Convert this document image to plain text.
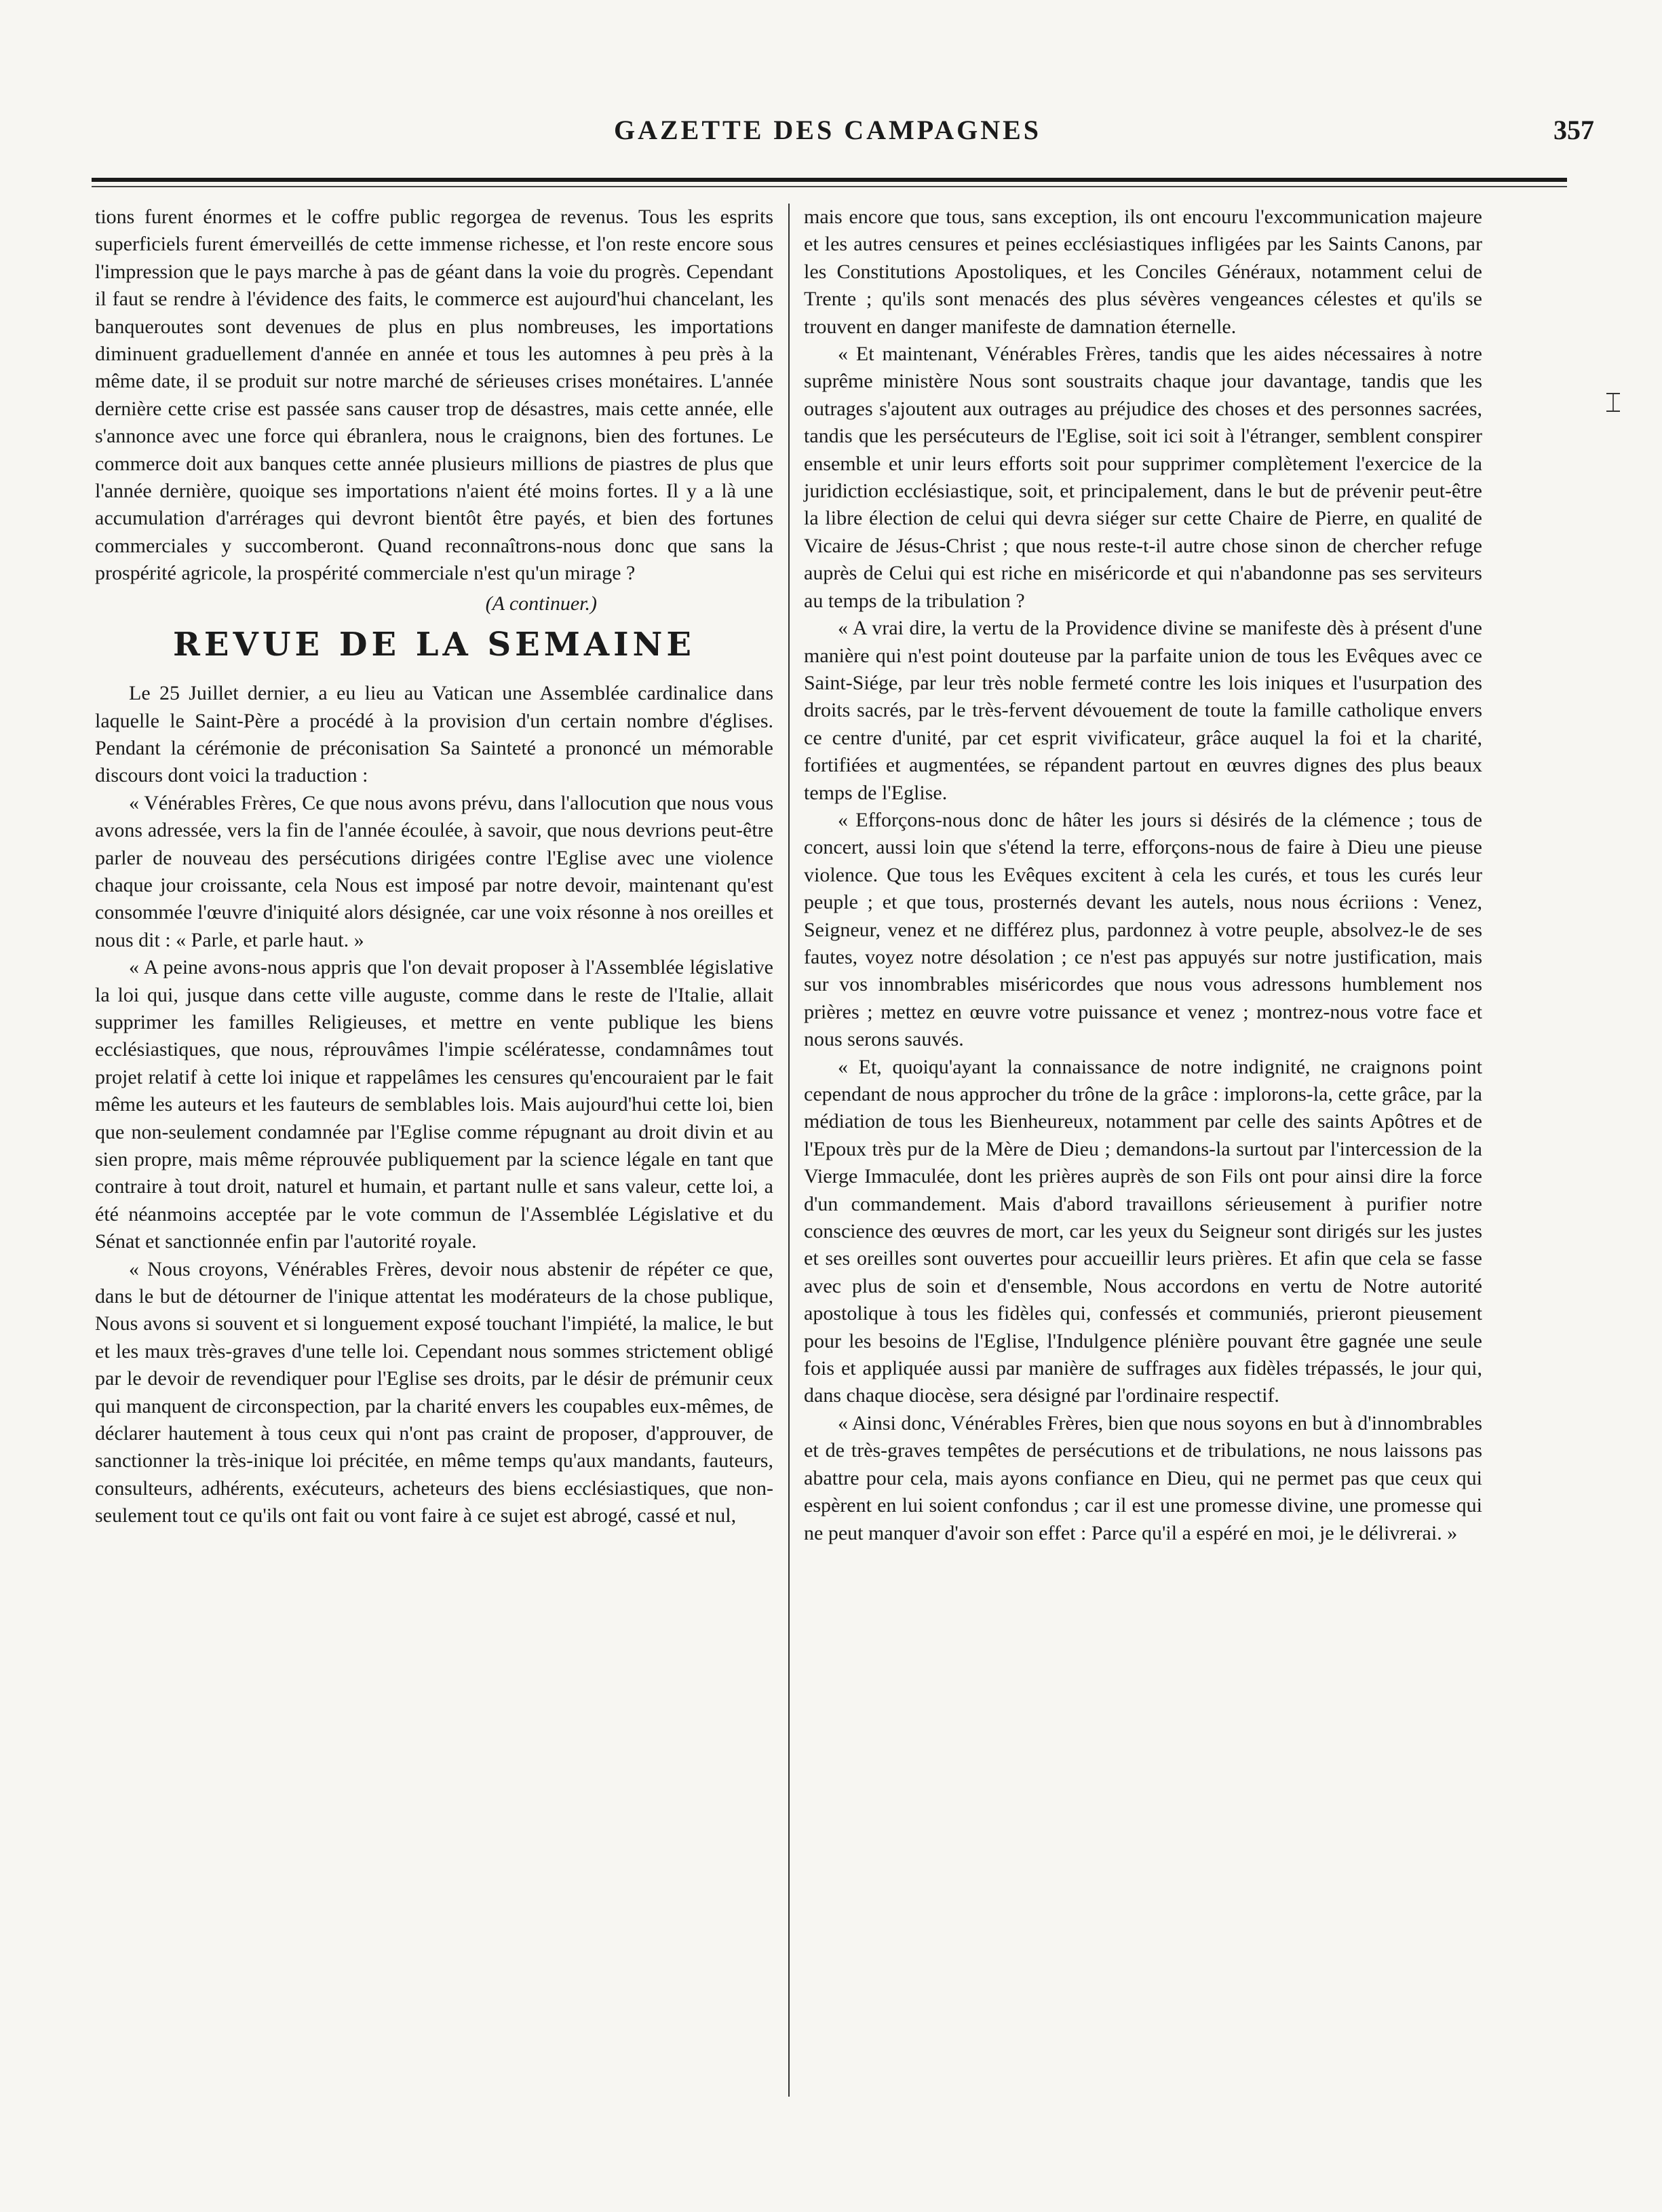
GAZETTE DES CAMPAGNES	357

tions furent énormes et le coffre public regorgea de revenus. Tous les esprits superficiels furent émerveillés de cette immense richesse, et l'on reste encore sous l'impression que le pays marche à pas de géant dans la voie du progrès. Cependant il faut se rendre à l'évidence des faits, le commerce est aujourd'hui chancelant, les banqueroutes sont devenues de plus en plus nombreuses, les importations diminuent graduellement d'année en année et tous les automnes à peu près à la même date, il se produit sur notre marché de sérieuses crises monétaires. L'année dernière cette crise est passée sans causer trop de désastres, mais cette année, elle s'annonce avec une force qui ébranlera, nous le craignons, bien des fortunes. Le commerce doit aux banques cette année plusieurs millions de piastres de plus que l'année dernière, quoique ses importations n'aient été moins fortes. Il y a là une accumulation d'arrérages qui devront bientôt être payés, et bien des fortunes commerciales y succomberont. Quand reconnaîtrons-nous donc que sans la prospérité agricole, la prospérité commerciale n'est qu'un mirage ?

(A continuer.)

REVUE DE LA SEMAINE

Le 25 Juillet dernier, a eu lieu au Vatican une Assemblée cardinalice dans laquelle le Saint-Père a procédé à la provision d'un certain nombre d'églises. Pendant la cérémonie de préconisation Sa Sainteté a prononcé un mémorable discours dont voici la traduction :

« Vénérables Frères, Ce que nous avons prévu, dans l'allocution que nous vous avons adressée, vers la fin de l'année écoulée, à savoir, que nous devrions peut-être parler de nouveau des persécutions dirigées contre l'Eglise avec une violence chaque jour croissante, cela Nous est imposé par notre devoir, maintenant qu'est consommée l'œuvre d'iniquité alors désignée, car une voix résonne à nos oreilles et nous dit : « Parle, et parle haut. »

« A peine avons-nous appris que l'on devait proposer à l'Assemblée législative la loi qui, jusque dans cette ville auguste, comme dans le reste de l'Italie, allait supprimer les familles Religieuses, et mettre en vente publique les biens ecclésiastiques, que nous, réprouvâmes l'impie scélératesse, condamnâmes tout projet relatif à cette loi inique et rappelâmes les censures qu'encouraient par le fait même les auteurs et les fauteurs de semblables lois. Mais aujourd'hui cette loi, bien que non-seulement condamnée par l'Eglise comme répugnant au droit divin et au sien propre, mais même réprouvée publiquement par la science légale en tant que contraire à tout droit, naturel et humain, et partant nulle et sans valeur, cette loi, a été néanmoins acceptée par le vote commun de l'Assemblée Législative et du Sénat et sanctionnée enfin par l'autorité royale.

« Nous croyons, Vénérables Frères, devoir nous abstenir de répéter ce que, dans le but de détourner de l'inique attentat les modérateurs de la chose publique, Nous avons si souvent et si longuement exposé touchant l'impiété, la malice, le but et les maux très-graves d'une telle loi. Cependant nous sommes strictement obligé par le devoir de revendiquer pour l'Eglise ses droits, par le désir de prémunir ceux qui manquent de circonspection, par la charité envers les coupables eux-mêmes, de déclarer hautement à tous ceux qui n'ont pas craint de proposer, d'approuver, de sanctionner la très-inique loi précitée, en même temps qu'aux mandants, fauteurs, consulteurs, adhérents, exécuteurs, acheteurs des biens ecclésiastiques, que non-seulement tout ce qu'ils ont fait ou vont faire à ce sujet est abrogé, cassé et nul,

mais encore que tous, sans exception, ils ont encouru l'excommunication majeure et les autres censures et peines ecclésiastiques infligées par les Saints Canons, par les Constitutions Apostoliques, et les Conciles Généraux, notamment celui de Trente ; qu'ils sont menacés des plus sévères vengeances célestes et qu'ils se trouvent en danger manifeste de damnation éternelle.

« Et maintenant, Vénérables Frères, tandis que les aides nécessaires à notre suprême ministère Nous sont soustraits chaque jour davantage, tandis que les outrages s'ajoutent aux outrages au préjudice des choses et des personnes sacrées, tandis que les persécuteurs de l'Eglise, soit ici soit à l'étranger, semblent conspirer ensemble et unir leurs efforts soit pour supprimer complètement l'exercice de la juridiction ecclésiastique, soit, et principalement, dans le but de prévenir peut-être la libre élection de celui qui devra siéger sur cette Chaire de Pierre, en qualité de Vicaire de Jésus-Christ ; que nous reste-t-il autre chose sinon de chercher refuge auprès de Celui qui est riche en miséricorde et qui n'abandonne pas ses serviteurs au temps de la tribulation ?

« A vrai dire, la vertu de la Providence divine se manifeste dès à présent d'une manière qui n'est point douteuse par la parfaite union de tous les Evêques avec ce Saint-Siége, par leur très noble fermeté contre les lois iniques et l'usurpation des droits sacrés, par le très-fervent dévouement de toute la famille catholique envers ce centre d'unité, par cet esprit vivificateur, grâce auquel la foi et la charité, fortifiées et augmentées, se répandent partout en œuvres dignes des plus beaux temps de l'Eglise.

« Efforçons-nous donc de hâter les jours si désirés de la clémence ; tous de concert, aussi loin que s'étend la terre, efforçons-nous de faire à Dieu une pieuse violence. Que tous les Evêques excitent à cela les curés, et tous les curés leur peuple ; et que tous, prosternés devant les autels, nous nous écriions : Venez, Seigneur, venez et ne différez plus, pardonnez à votre peuple, absolvez-le de ses fautes, voyez notre désolation ; ce n'est pas appuyés sur notre justification, mais sur vos innombrables miséricordes que nous vous adressons humblement nos prières ; mettez en œuvre votre puissance et venez ; montrez-nous votre face et nous serons sauvés.

« Et, quoiqu'ayant la connaissance de notre indignité, ne craignons point cependant de nous approcher du trône de la grâce : implorons-la, cette grâce, par la médiation de tous les Bienheureux, notamment par celle des saints Apôtres et de l'Epoux très pur de la Mère de Dieu ; demandons-la surtout par l'intercession de la Vierge Immaculée, dont les prières auprès de son Fils ont pour ainsi dire la force d'un commandement. Mais d'abord travaillons sérieusement à purifier notre conscience des œuvres de mort, car les yeux du Seigneur sont dirigés sur les justes et ses oreilles sont ouvertes pour accueillir leurs prières. Et afin que cela se fasse avec plus de soin et d'ensemble, Nous accordons en vertu de Notre autorité apostolique à tous les fidèles qui, confessés et communiés, prieront pieusement pour les besoins de l'Eglise, l'Indulgence plénière pouvant être gagnée une seule fois et appliquée aussi par manière de suffrages aux fidèles trépassés, le jour qui, dans chaque diocèse, sera désigné par l'ordinaire respectif.

« Ainsi donc, Vénérables Frères, bien que nous soyons en but à d'innombrables et de très-graves tempêtes de persécutions et de tribulations, ne nous laissons pas abattre pour cela, mais ayons confiance en Dieu, qui ne permet pas que ceux qui espèrent en lui soient confondus ; car il est une promesse divine, une promesse qui ne peut manquer d'avoir son effet : Parce qu'il a espéré en moi, je le délivrerai. »

⌶
